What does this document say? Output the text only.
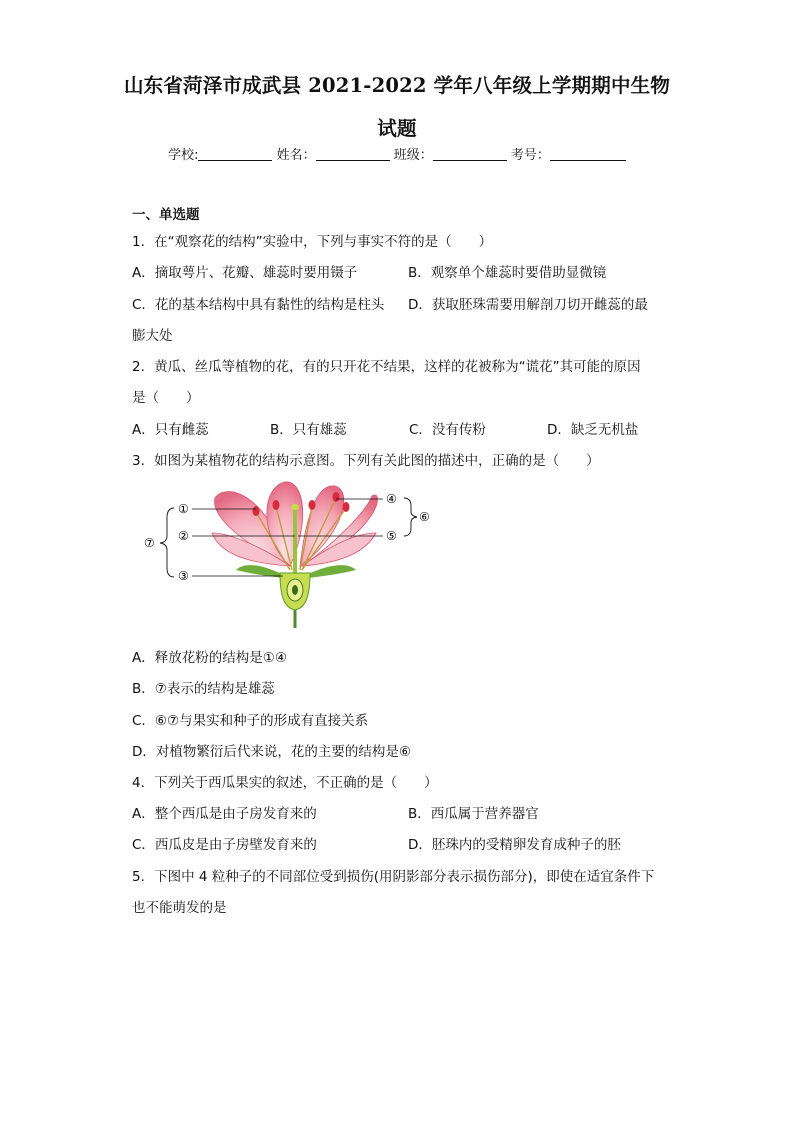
山东省菏泽市成武县 2021-2022 学年八年级上学期期中生物
试题
学校:	姓名：	班级：	考号：
一、单选题
1．在“观察花的结构”实验中，下列与事实不符的是（　　）
A．摘取萼片、花瓣、雄蕊时要用镊子	B．观察单个雄蕊时要借助显微镜
C．花的基本结构中具有黏性的结构是柱头 D．获取胚珠需要用解剖刀切开雌蕊的最
膨大处
2．黄瓜、丝瓜等植物的花，有的只开花不结果，这样的花被称为“谎花”其可能的原因
是（　　）
A．只有雌蕊	B．只有雄蕊	C．没有传粉	D．缺乏无机盐
3．如图为某植物花的结构示意图。下列有关此图的描述中，正确的是（　　）
①
②
③
④
⑤
⑥
⑦
A．释放花粉的结构是①④
B．⑦表示的结构是雄蕊
C．⑥⑦与果实和种子的形成有直接关系
D．对植物繁衍后代来说，花的主要的结构是⑥
4．下列关于西瓜果实的叙述，不正确的是（　　）
A．整个西瓜是由子房发育来的	B．西瓜属于营养器官
C．西瓜皮是由子房壁发育来的	D．胚珠内的受精卵发育成种子的胚
5．下图中 4 粒种子的不同部位受到损伤(用阴影部分表示损伤部分)，即使在适宜条件下
也不能萌发的是
